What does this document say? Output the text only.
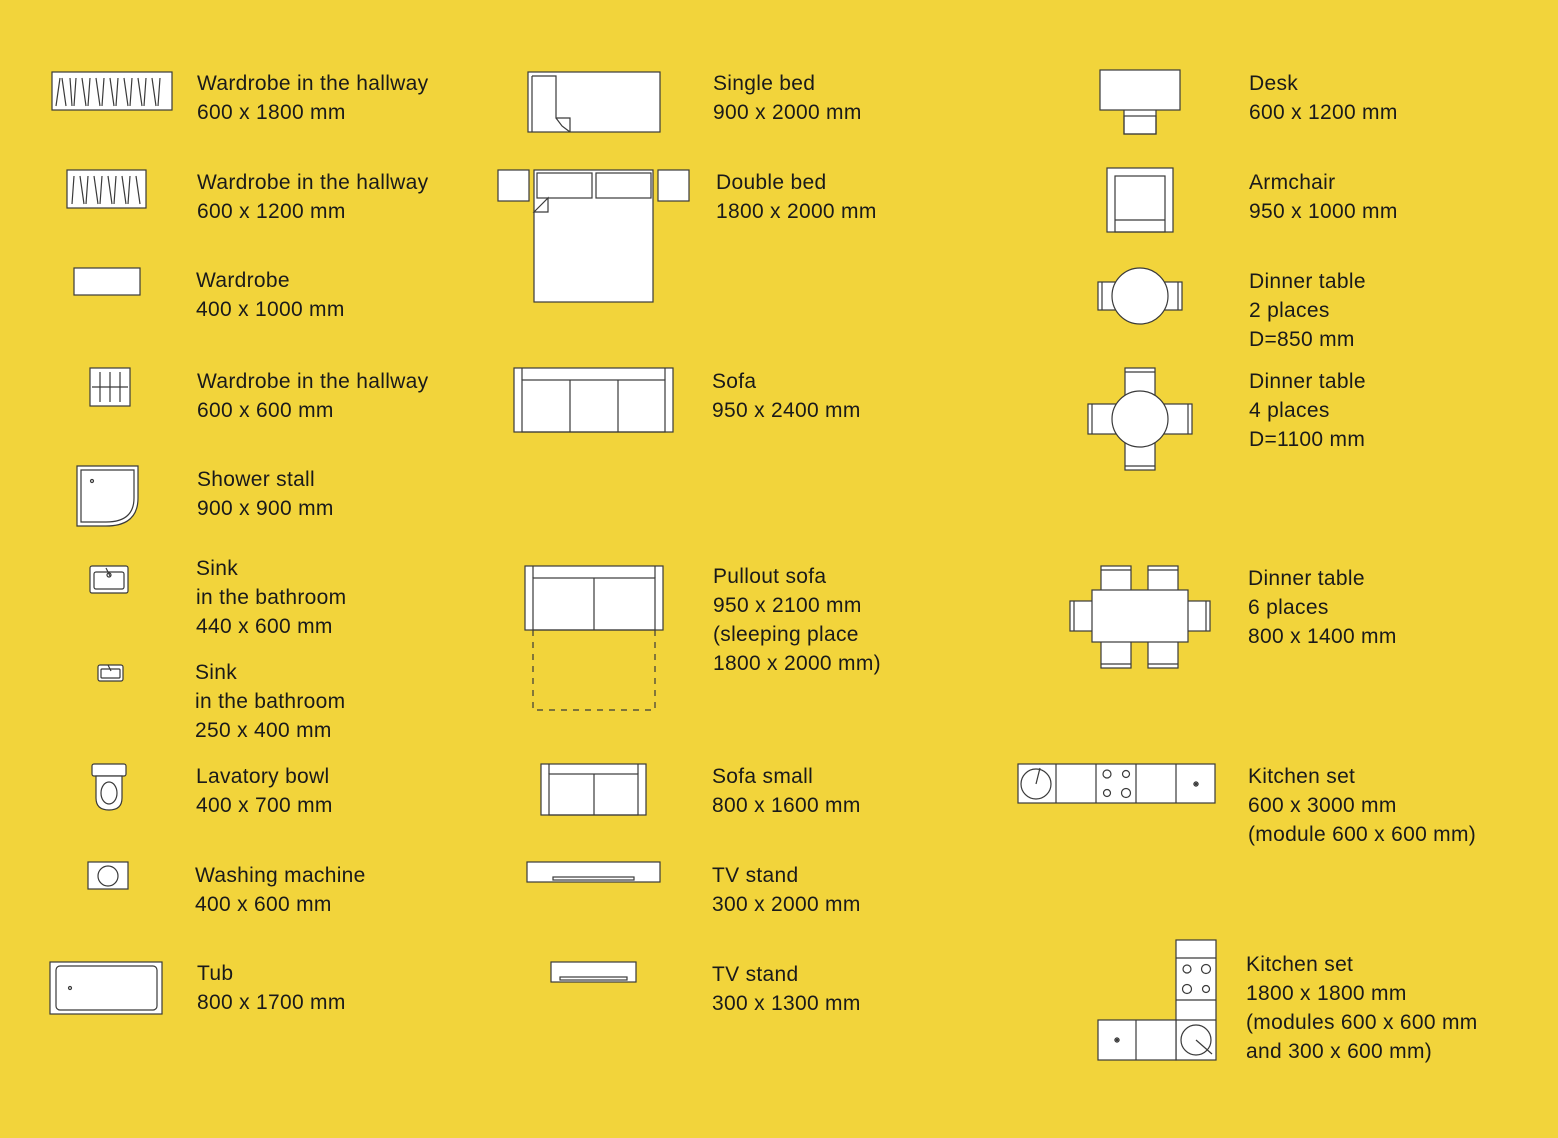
Wardrobe in the hallway
600 x 1800 mm
Wardrobe in the hallway
600 x 1200 mm
Wardrobe
400 x 1000 mm
Wardrobe in the hallway
600 x 600 mm
Shower stall
900 x 900 mm
Sink
in the bathroom
440 x 600 mm
Sink
in the bathroom
250 x 400 mm
Lavatory bowl
400 x 700 mm
Washing machine
400 x 600 mm
Tub
800 x 1700 mm
Single bed
900 x 2000 mm
Double bed
1800 x 2000 mm
Sofa
950 x 2400 mm
Pullout sofa
950 x 2100 mm
(sleeping place
1800 x 2000 mm)
Sofa small
800 x 1600 mm
TV stand
300 x 2000 mm
TV stand
300 x 1300 mm
Desk
600 x 1200 mm
Armchair
950 x 1000 mm
Dinner table
2 places
D=850 mm
Dinner table
4 places
D=1100 mm
Dinner table
6 places
800 x 1400 mm
Kitchen set
600 x 3000 mm
(module 600 x 600 mm)
Kitchen set
1800 x 1800 mm
(modules 600 x 600 mm
and 300 x 600 mm)
